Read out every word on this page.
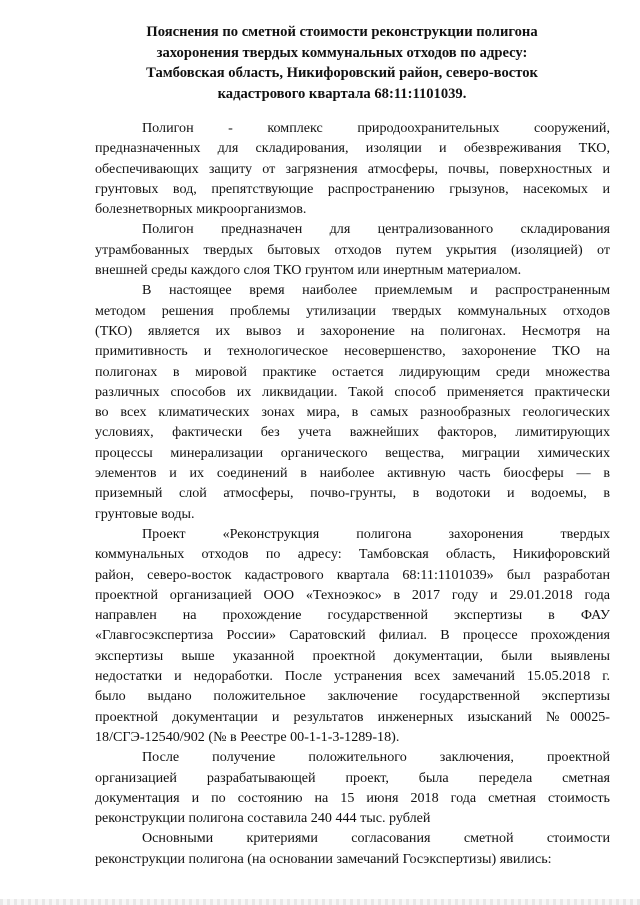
Пояснения по сметной стоимости реконструкции полигона
захоронения твердых коммунальных отходов по адресу:
Тамбовская область, Никифоровский район, северо-восток
кадастрового квартала 68:11:1101039.
Полигон - комплекс природоохранительных сооружений,
предназначенных для складирования, изоляции и обезвреживания ТКО,
обеспечивающих защиту от загрязнения атмосферы, почвы, поверхностных и
грунтовых вод, препятствующие распространению грызунов, насекомых и
болезнетворных микроорганизмов.
Полигон предназначен для централизованного складирования
утрамбованных твердых бытовых отходов путем укрытия (изоляцией) от
внешней среды каждого слоя ТКО грунтом или инертным материалом.
В настоящее время наиболее приемлемым и распространенным
методом решения проблемы утилизации твердых коммунальных отходов
(ТКО) является их вывоз и захоронение на полигонах. Несмотря на
примитивность и технологическое несовершенство, захоронение ТКО на
полигонах в мировой практике остается лидирующим среди множества
различных способов их ликвидации. Такой способ применяется практически
во всех климатических зонах мира, в самых разнообразных геологических
условиях, фактически без учета важнейших факторов, лимитирующих
процессы минерализации органического вещества, миграции химических
элементов и их соединений в наиболее активную часть биосферы — в
приземный слой атмосферы, почво-грунты, в водотоки и водоемы, в
грунтовые воды.
Проект «Реконструкция полигона захоронения твердых
коммунальных отходов по адресу: Тамбовская область, Никифоровский
район, северо-восток кадастрового квартала 68:11:1101039» был разработан
проектной организацией ООО «Техноэкос» в 2017 году и 29.01.2018 года
направлен на прохождение государственной экспертизы в ФАУ
«Главгосэкспертиза России» Саратовский филиал. В процессе прохождения
экспертизы выше указанной проектной документации, были выявлены
недостатки и недоработки. После устранения всех замечаний 15.05.2018 г.
было выдано положительное заключение государственной экспертизы
проектной документации и результатов инженерных изысканий №00025-
18/СГЭ-12540/902 (№ в Реестре 00-1-1-3-1289-18).
После получение положительного заключения, проектной
организацией разрабатывающей проект, была передела сметная
документация и по состоянию на 15 июня 2018 года сметная стоимость
реконструкции полигона составила 240 444 тыс. рублей
Основными критериями согласования сметной стоимости
реконструкции полигона (на основании замечаний Госэкспертизы) явились:
